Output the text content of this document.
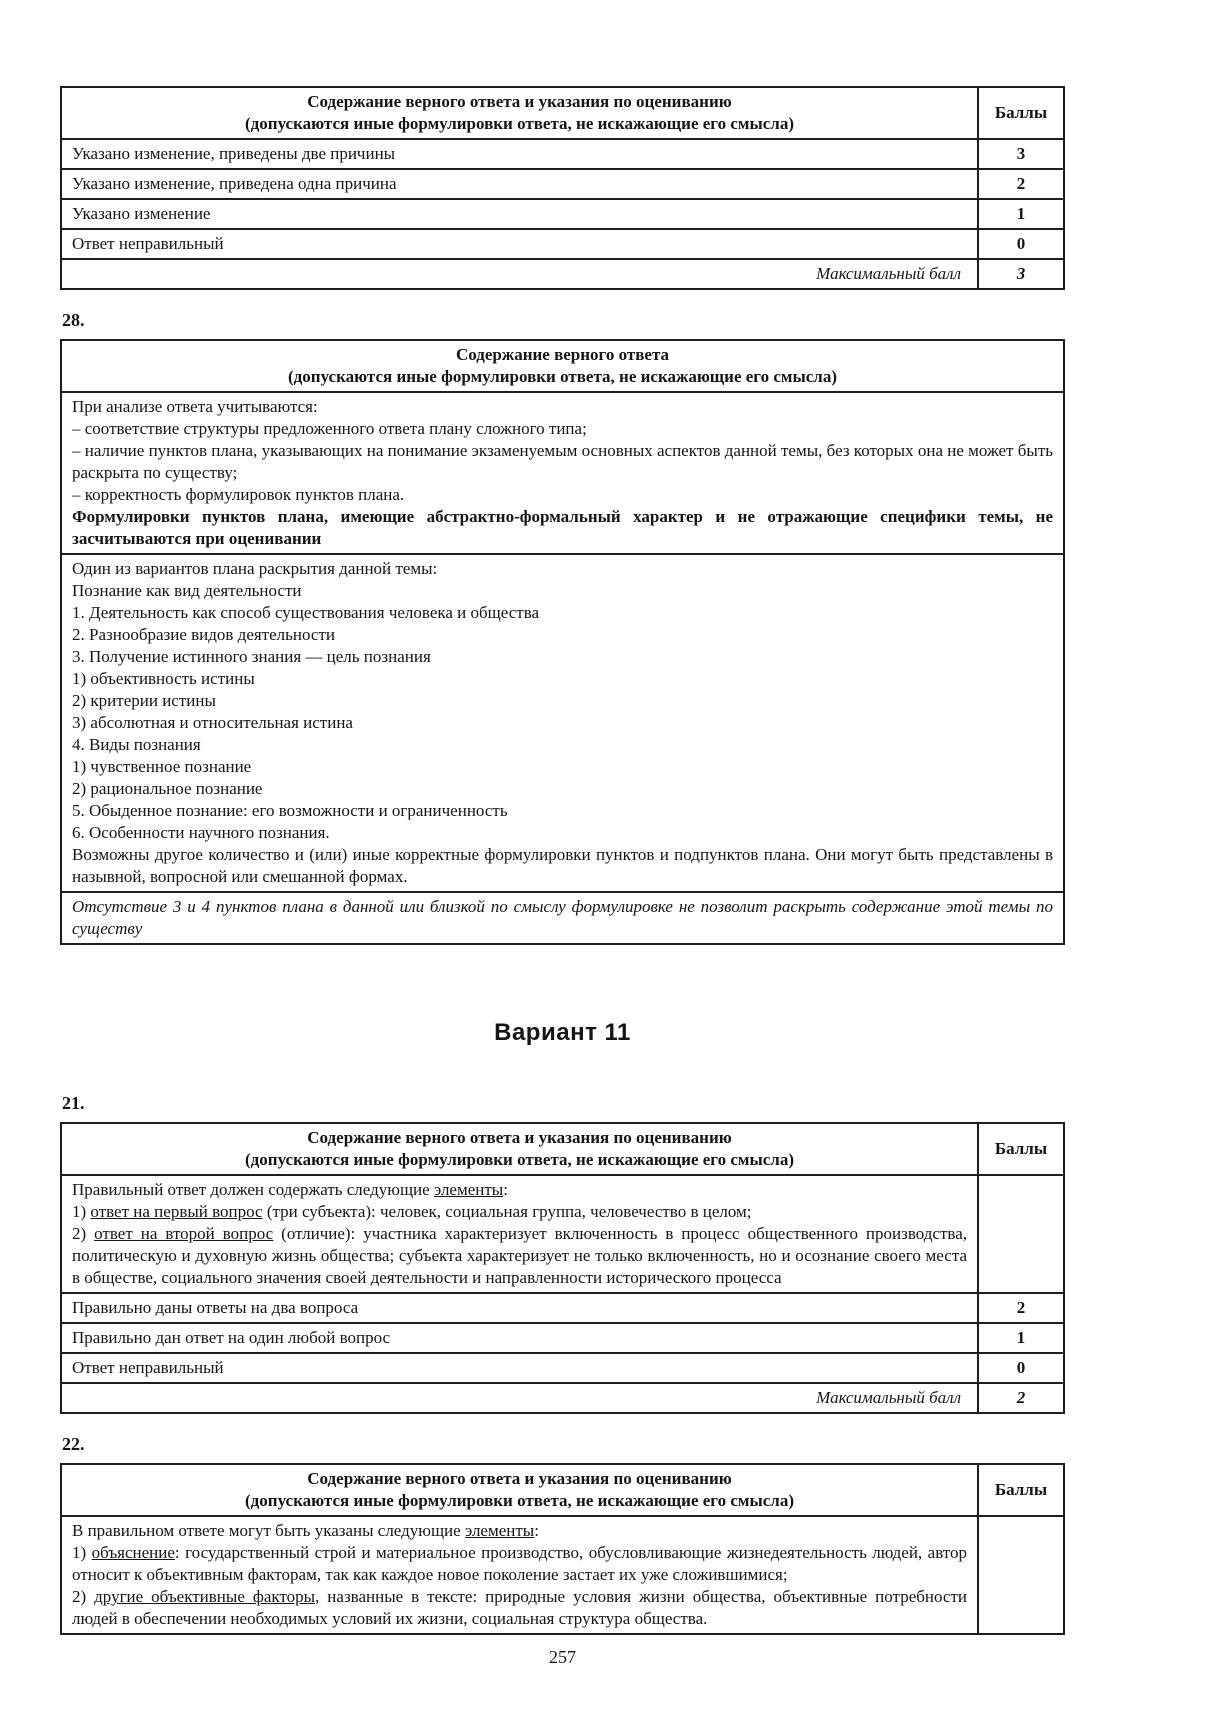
Содержание верного ответа и указания по оцениванию
(допускаются иные формулировки ответа, не искажающие его смысла)	Баллы
Указано изменение, приведены две причины	3
Указано изменение, приведена одна причина	2
Указано изменение	1
Ответ неправильный	0
Максимальный балл	3
28.
Содержание верного ответа
(допускаются иные формулировки ответа, не искажающие его смысла)

При анализе ответа учитываются:
– соответствие структуры предложенного ответа плану сложного типа;
– наличие пунктов плана, указывающих на понимание экзаменуемым основных аспектов данной темы, без которых она не может быть раскрыта по существу;
– корректность формулировок пунктов плана.
Формулировки пунктов плана, имеющие абстрактно-формальный характер и не отражающие специфики темы, не засчитываются при оценивании

Один из вариантов плана раскрытия данной темы:
Познание как вид деятельности
1. Деятельность как способ существования человека и общества
2. Разнообразие видов деятельности
3. Получение истинного знания — цель познания
1) объективность истины
2) критерии истины
3) абсолютная и относительная истина
4. Виды познания
1) чувственное познание
2) рациональное познание
5. Обыденное познание: его возможности и ограниченность
6. Особенности научного познания.
Возможны другое количество и (или) иные корректные формулировки пунктов и подпунктов плана. Они могут быть представлены в назывной, вопросной или смешанной формах.

Отсутствие 3 и 4 пунктов плана в данной или близкой по смыслу формулировке не позволит раскрыть содержание этой темы по существу
Вариант 11
21.
Содержание верного ответа и указания по оцениванию
(допускаются иные формулировки ответа, не искажающие его смысла)	Баллы

Правильный ответ должен содержать следующие элементы:
1) ответ на первый вопрос (три субъекта): человек, социальная группа, человечество в целом;
2) ответ на второй вопрос (отличие): участника характеризует включенность в процесс общественного производства, политическую и духовную жизнь общества; субъекта характеризует не только включенность, но и осознание своего места в обществе, социального значения своей деятельности и направленности исторического процесса	

Правильно даны ответы на два вопроса	2
Правильно дан ответ на один любой вопрос	1
Ответ неправильный	0
Максимальный балл	2
22.
Содержание верного ответа и указания по оцениванию
(допускаются иные формулировки ответа, не искажающие его смысла)	Баллы

В правильном ответе могут быть указаны следующие элементы:
1) объяснение: государственный строй и материальное производство, обусловливающие жизнедеятельность людей, автор относит к объективным факторам, так как каждое новое поколение застает их уже сложившимися;
2) другие объективные факторы, названные в тексте: природные условия жизни общества, объективные потребности людей в обеспечении необходимых условий их жизни, социальная структура общества.	

257
